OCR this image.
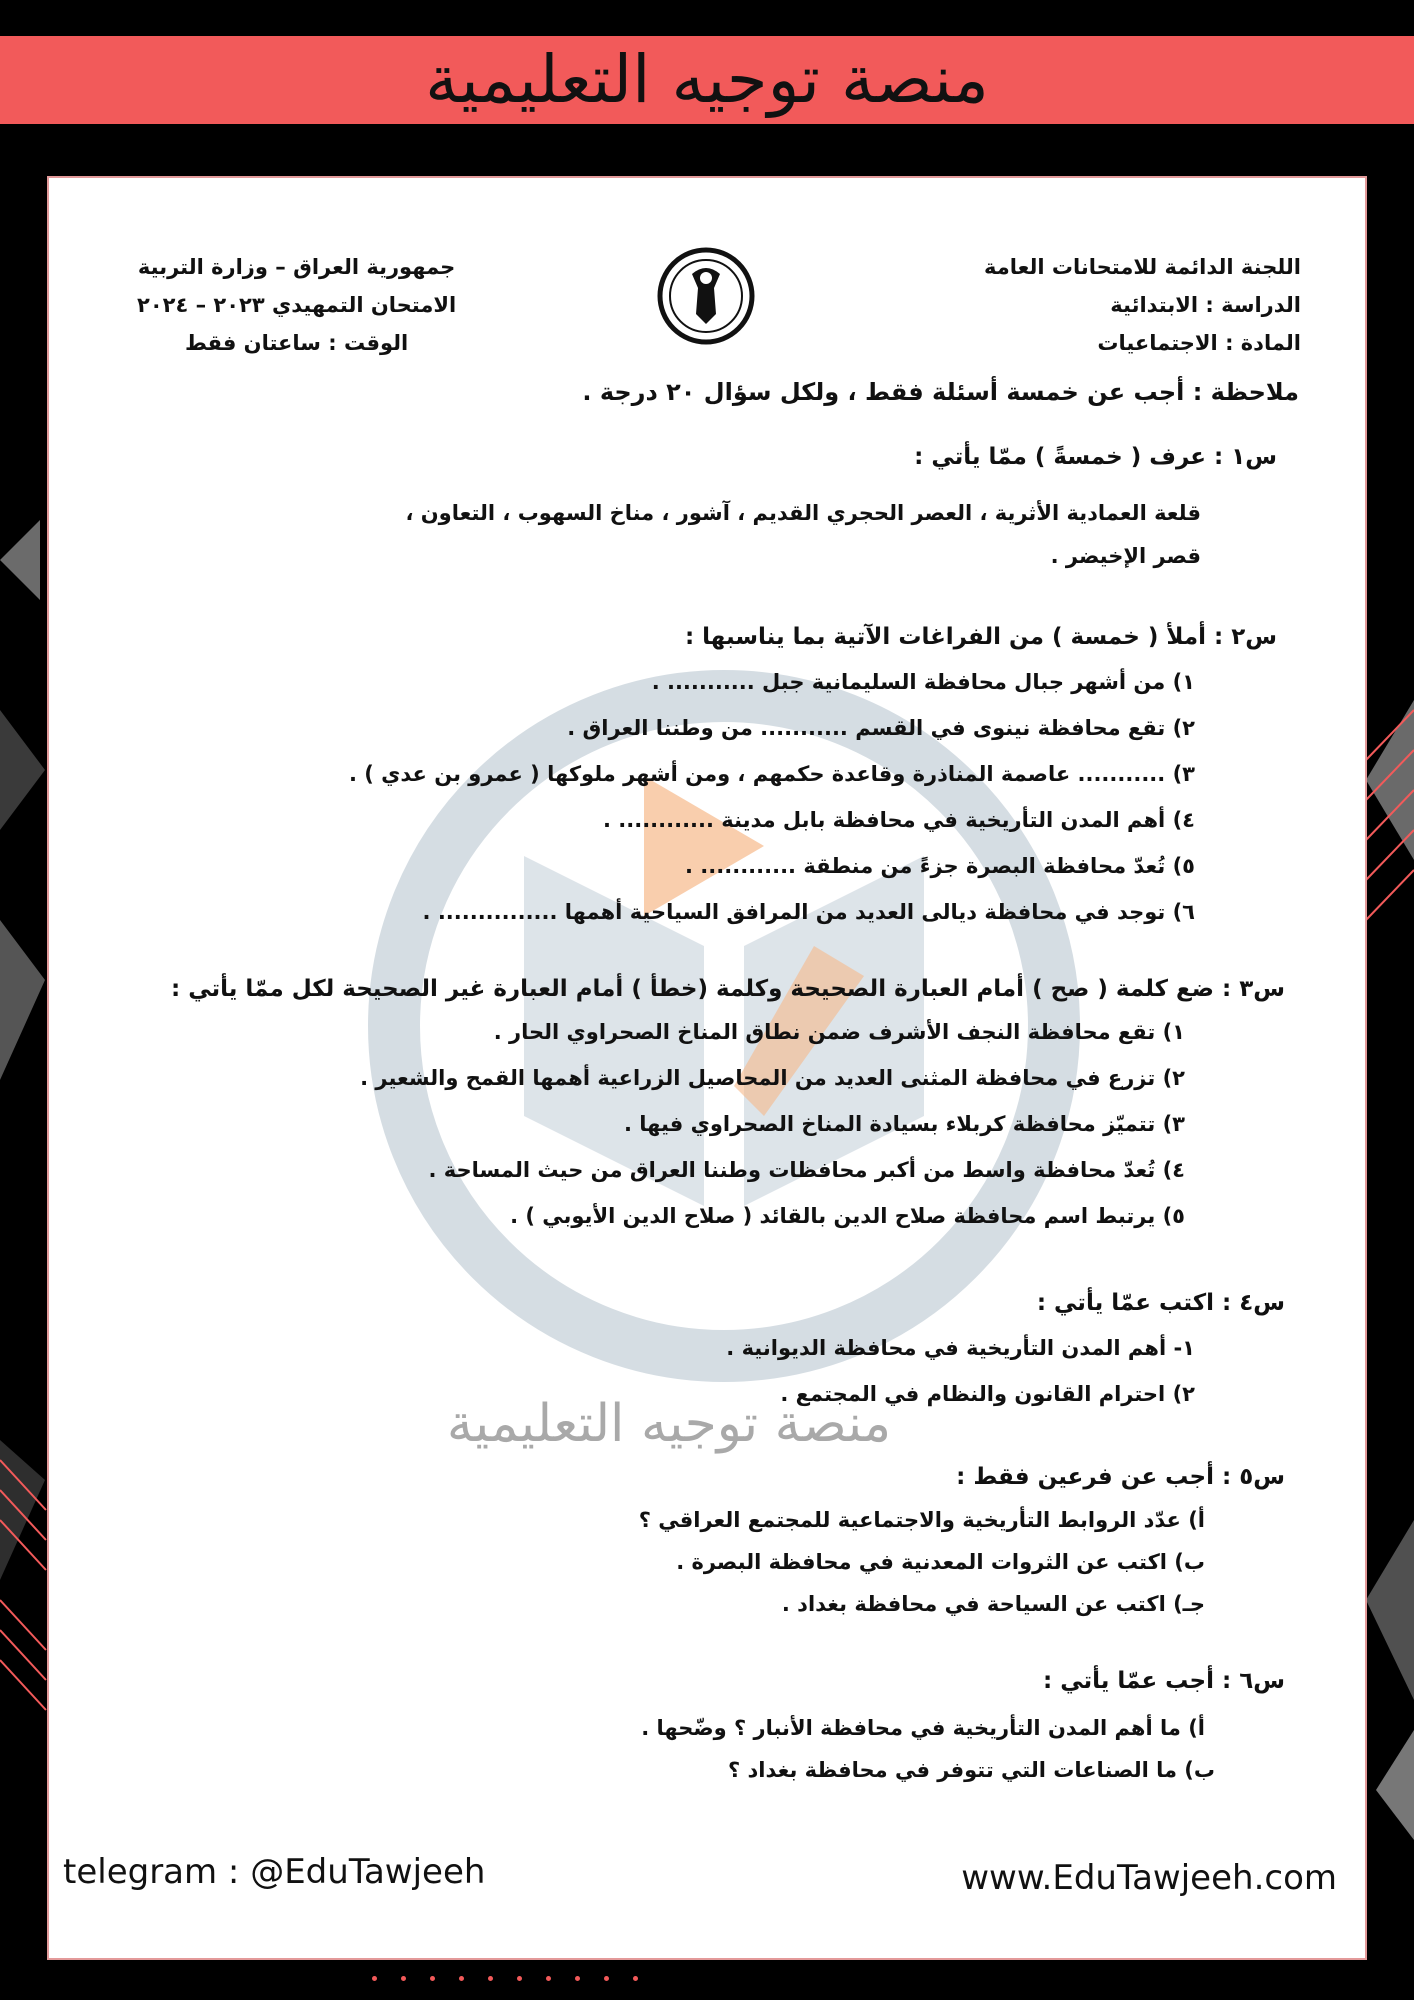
منصة توجيه التعليمية
منصة توجيه التعليمية
اللجنة الدائمة للامتحانات العامة
الدراسة : الابتدائية
المادة : الاجتماعيات
جمهورية العراق – وزارة التربية
الامتحان التمهيدي ٢٠٢٣ – ٢٠٢٤
الوقت : ساعتان فقط
ملاحظة : أجب عن خمسة أسئلة فقط ، ولكل سؤال ٢٠ درجة .
س١ : عرف ( خمسةً ) ممّا يأتي :
قلعة العمادية الأثرية ، العصر الحجري القديم ، آشور ، مناخ السهوب ، التعاون ،
قصر الإخيضر .
س٢ : أملأ ( خمسة ) من الفراغات الآتية بما يناسبها :
١) من أشهر جبال محافظة السليمانية جبل ........... .
٢) تقع محافظة نينوى في القسم ........... من وطننا العراق .
٣) ........... عاصمة المناذرة وقاعدة حكمهم ، ومن أشهر ملوكها ( عمرو بن عدي ) .
٤) أهم المدن التأريخية في محافظة بابل مدينة ............ .
٥) تُعدّ محافظة البصرة جزءً من منطقة ............ .
٦) توجد في محافظة ديالى العديد من المرافق السياحية أهمها ............... .
س٣ : ضع كلمة ( صح ) أمام العبارة الصحيحة وكلمة (خطأ ) أمام العبارة غير الصحيحة لكل ممّا يأتي :
١) تقع محافظة النجف الأشرف ضمن نطاق المناخ الصحراوي الحار .
٢) تزرع في محافظة المثنى العديد من المحاصيل الزراعية أهمها القمح والشعير .
٣) تتميّز محافظة كربلاء بسيادة المناخ الصحراوي فيها .
٤) تُعدّ محافظة واسط من أكبر محافظات وطننا العراق من حيث المساحة .
٥) يرتبط اسم محافظة صلاح الدين بالقائد ( صلاح الدين الأيوبي ) .
س٤ : اكتب عمّا يأتي :
١- أهم المدن التأريخية في محافظة الديوانية .
٢) احترام القانون والنظام في المجتمع .
س٥ : أجب عن فرعين فقط :
أ) عدّد الروابط التأريخية والاجتماعية للمجتمع العراقي ؟
ب) اكتب عن الثروات المعدنية في محافظة البصرة .
جـ) اكتب عن السياحة في محافظة بغداد .
س٦ : أجب عمّا يأتي :
أ) ما أهم المدن التأريخية في محافظة الأنبار ؟ وضّحها .
ب) ما الصناعات التي تتوفر في محافظة بغداد ؟
telegram : @EduTawjeeh	www.EduTawjeeh.com
